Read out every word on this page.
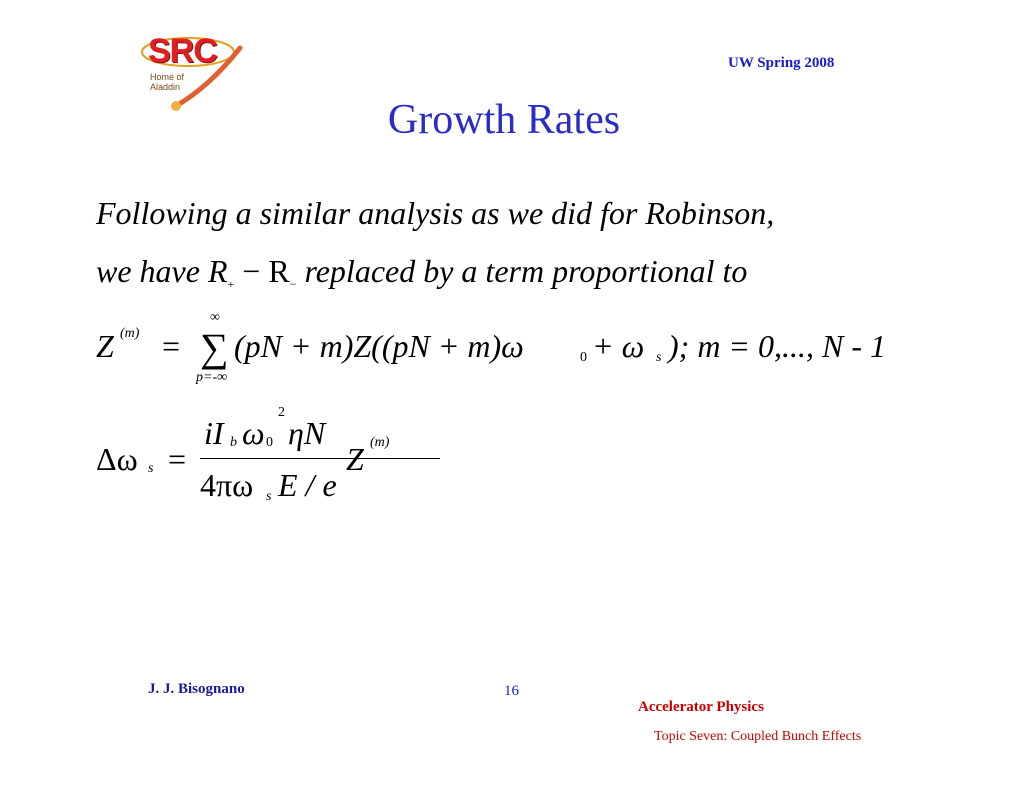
SRC
Home of
Aladdin
UW Spring 2008
Growth Rates
Following a similar analysis as we did for Robinson,
we have R+ − R− replaced by a term proportional to
Z (m) =
∞
∑
p=-∞
(pN + m)Z((pN + m)ω	0 + ω s ); m = 0,..., N - 1
Δω s =
iI b ω 0
2
ηN
4πω s E / e
Z (m)
J. J. Bisognano	16
Accelerator Physics
Topic Seven: Coupled Bunch Effects
